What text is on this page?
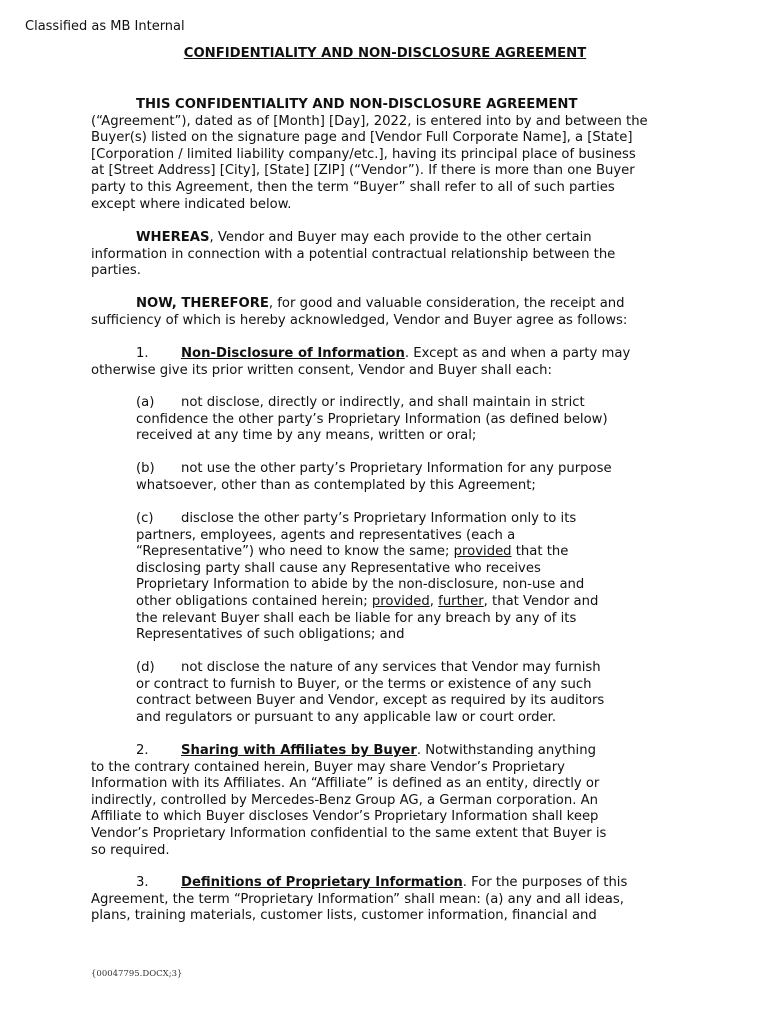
Classified as MB Internal
CONFIDENTIALITY AND NON-DISCLOSURE AGREEMENT
THIS CONFIDENTIALITY AND NON-DISCLOSURE AGREEMENT
(“Agreement”), dated as of [Month] [Day], 2022, is entered into by and between the
Buyer(s) listed on the signature page and [Vendor Full Corporate Name], a [State]
[Corporation / limited liability company/etc.], having its principal place of business
at [Street Address] [City], [State] [ZIP] (“Vendor”). If there is more than one Buyer
party to this Agreement, then the term “Buyer” shall refer to all of such parties
except where indicated below.
WHEREAS, Vendor and Buyer may each provide to the other certain
information in connection with a potential contractual relationship between the
parties.
NOW, THEREFORE, for good and valuable consideration, the receipt and
sufficiency of which is hereby acknowledged, Vendor and Buyer agree as follows:
1. Non-Disclosure of Information. Except as and when a party may
otherwise give its prior written consent, Vendor and Buyer shall each:
(a) not disclose, directly or indirectly, and shall maintain in strict
confidence the other party’s Proprietary Information (as defined below)
received at any time by any means, written or oral;
(b) not use the other party’s Proprietary Information for any purpose
whatsoever, other than as contemplated by this Agreement;
(c) disclose the other party’s Proprietary Information only to its
partners, employees, agents and representatives (each a
“Representative”) who need to know the same; provided that the
disclosing party shall cause any Representative who receives
Proprietary Information to abide by the non-disclosure, non-use and
other obligations contained herein; provided, further, that Vendor and
the relevant Buyer shall each be liable for any breach by any of its
Representatives of such obligations; and
(d) not disclose the nature of any services that Vendor may furnish
or contract to furnish to Buyer, or the terms or existence of any such
contract between Buyer and Vendor, except as required by its auditors
and regulators or pursuant to any applicable law or court order.
2. Sharing with Affiliates by Buyer. Notwithstanding anything
to the contrary contained herein, Buyer may share Vendor’s Proprietary
Information with its Affiliates. An “Affiliate” is defined as an entity, directly or
indirectly, controlled by Mercedes-Benz Group AG, a German corporation. An
Affiliate to which Buyer discloses Vendor’s Proprietary Information shall keep
Vendor’s Proprietary Information confidential to the same extent that Buyer is
so required.
3. Definitions of Proprietary Information. For the purposes of this
Agreement, the term “Proprietary Information” shall mean: (a) any and all ideas,
plans, training materials, customer lists, customer information, financial and
{00047795.DOCX;3}
